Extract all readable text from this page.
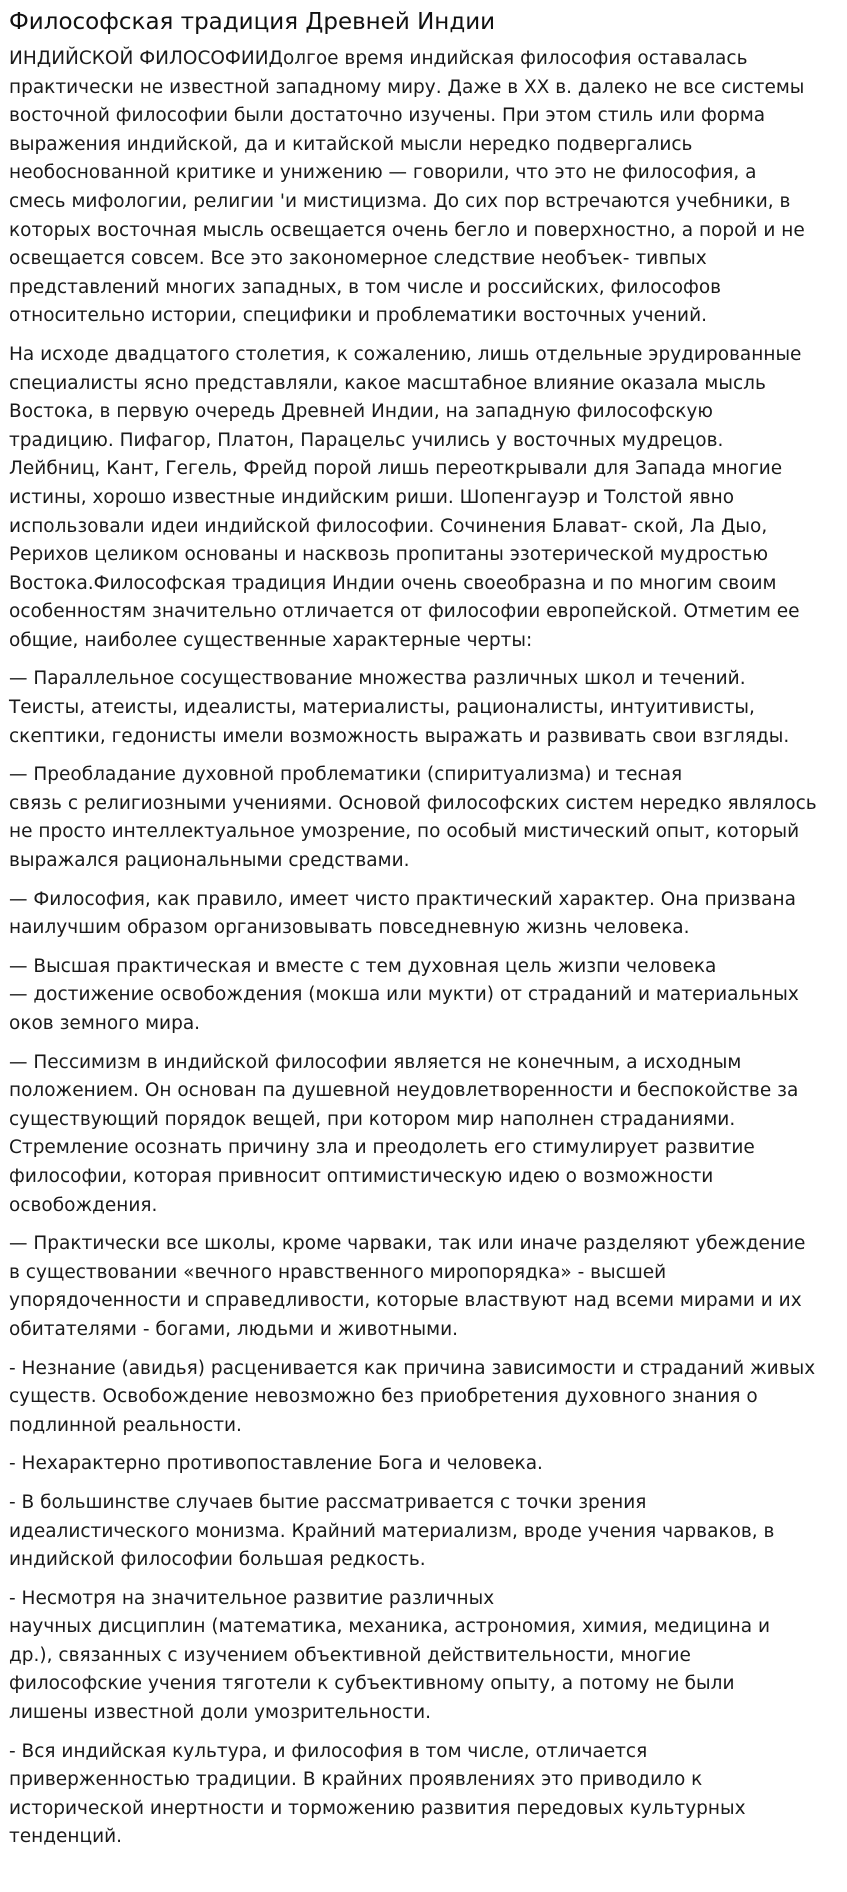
Философская традиция Древней Индии

ИНДИЙСКОЙ ФИЛОСОФИИДолгое время индийская философия оставалась
практически не известной западному миру. Даже в XX в. далеко не все системы
восточной философии были достаточно изучены. При этом стиль или форма
выражения индийской, да и китайской мысли нередко подвергались
необоснованной критике и унижению — говорили, что это не философия, а
смесь мифологии, религии 'и мистицизма. До сих пор встречаются учебники, в
которых восточная мысль освещается очень бегло и поверхностно, а порой и не
освещается совсем. Все это закономерное следствие необъек- тивпых
представлений многих западных, в том числе и российских, философов
относительно истории, специфики и проблематики восточных учений.

На исходе двадцатого столетия, к сожалению, лишь отдельные эрудированные
специалисты ясно представляли, какое масштабное влияние оказала мысль
Востока, в первую очередь Древней Индии, на западную философскую
традицию. Пифагор, Платон, Парацельс учились у восточных мудрецов.
Лейбниц, Кант, Гегель, Фрейд порой лишь переоткрывали для Запада многие
истины, хорошо известные индийским риши. Шопенгауэр и Толстой явно
использовали идеи индийской философии. Сочинения Блават- ской, Ла Дыо,
Рерихов целиком основаны и насквозь пропитаны эзотерической мудростью
Востока.Философская традиция Индии очень своеобразна и по многим своим
особенностям значительно отличается от философии европейской. Отметим ее
общие, наиболее существенные характерные черты:

— Параллельное сосуществование множества различных школ и течений.
Теисты, атеисты, идеалисты, материалисты, рационалисты, интуитивисты,
скептики, гедонисты имели возможность выражать и развивать свои взгляды.

— Преобладание духовной проблематики (спиритуализма) и тесная
связь с религиозными учениями. Основой философских систем нередко являлось
не просто интеллектуальное умозрение, по особый мистический опыт, который
выражался рациональными средствами.

— Философия, как правило, имеет чисто практический характер. Она призвана
наилучшим образом организовывать повседневную жизнь человека.

— Высшая практическая и вместе с тем духовная цель жизпи человека
— достижение освобождения (мокша или мукти) от страданий и материальных
оков земного мира.

— Пессимизм в индийской философии является не конечным, а исходным
положением. Он основан па душевной неудовлетворенности и беспокойстве за
существующий порядок вещей, при котором мир наполнен страданиями.
Стремление осознать причину зла и преодолеть его стимулирует развитие
философии, которая привносит оптимистическую идею о возможности
освобождения.

— Практически все школы, кроме чарваки, так или иначе разделяют убеждение
в существовании «вечного нравственного миропорядка» - высшей
упорядоченности и справедливости, которые властвуют над всеми мирами и их
обитателями - богами, людьми и животными.

- Незнание (авидья) расценивается как причина зависимости и страданий живых
существ. Освобождение невозможно без приобретения духовного знания о
подлинной реальности.

- Нехарактерно противопоставление Бога и человека.

- В большинстве случаев бытие рассматривается с точки зрения
идеалистического монизма. Крайний материализм, вроде учения чарваков, в
индийской философии большая редкость.

- Несмотря на значительное развитие различных
научных дисциплин (математика, механика, астрономия, химия, медицина и
др.), связанных с изучением объективной действительности, многие
философские учения тяготели к субъективному опыту, а потому не были
лишены известной доли умозрительности.

- Вся индийская культура, и философия в том числе, отличается
приверженностью традиции. В крайних проявлениях это приводило к
исторической инертности и торможению развития передовых культурных
тенденций.
